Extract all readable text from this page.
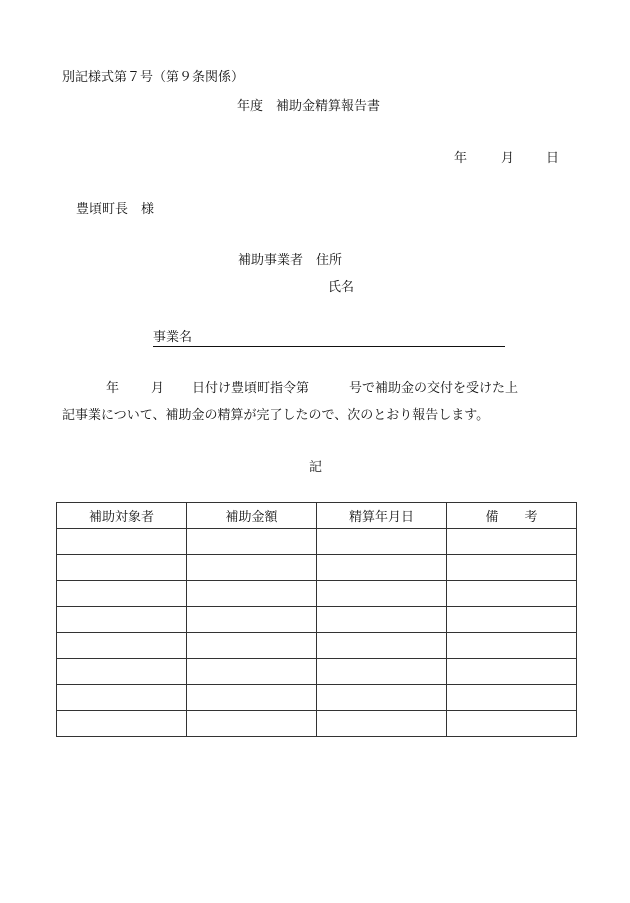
別記様式第７号（第９条関係）
年度　補助金精算報告書
年	月 日
豊頃町長　様
補助事業者 住所
氏名
事業名
年 月 日付け豊頃町指令第	号で補助金の交付を受けた上
記事業について、補助金の精算が完了したので、次のとおり報告します。
記
補助対象者	補助金額	精算年月日	備　　考
